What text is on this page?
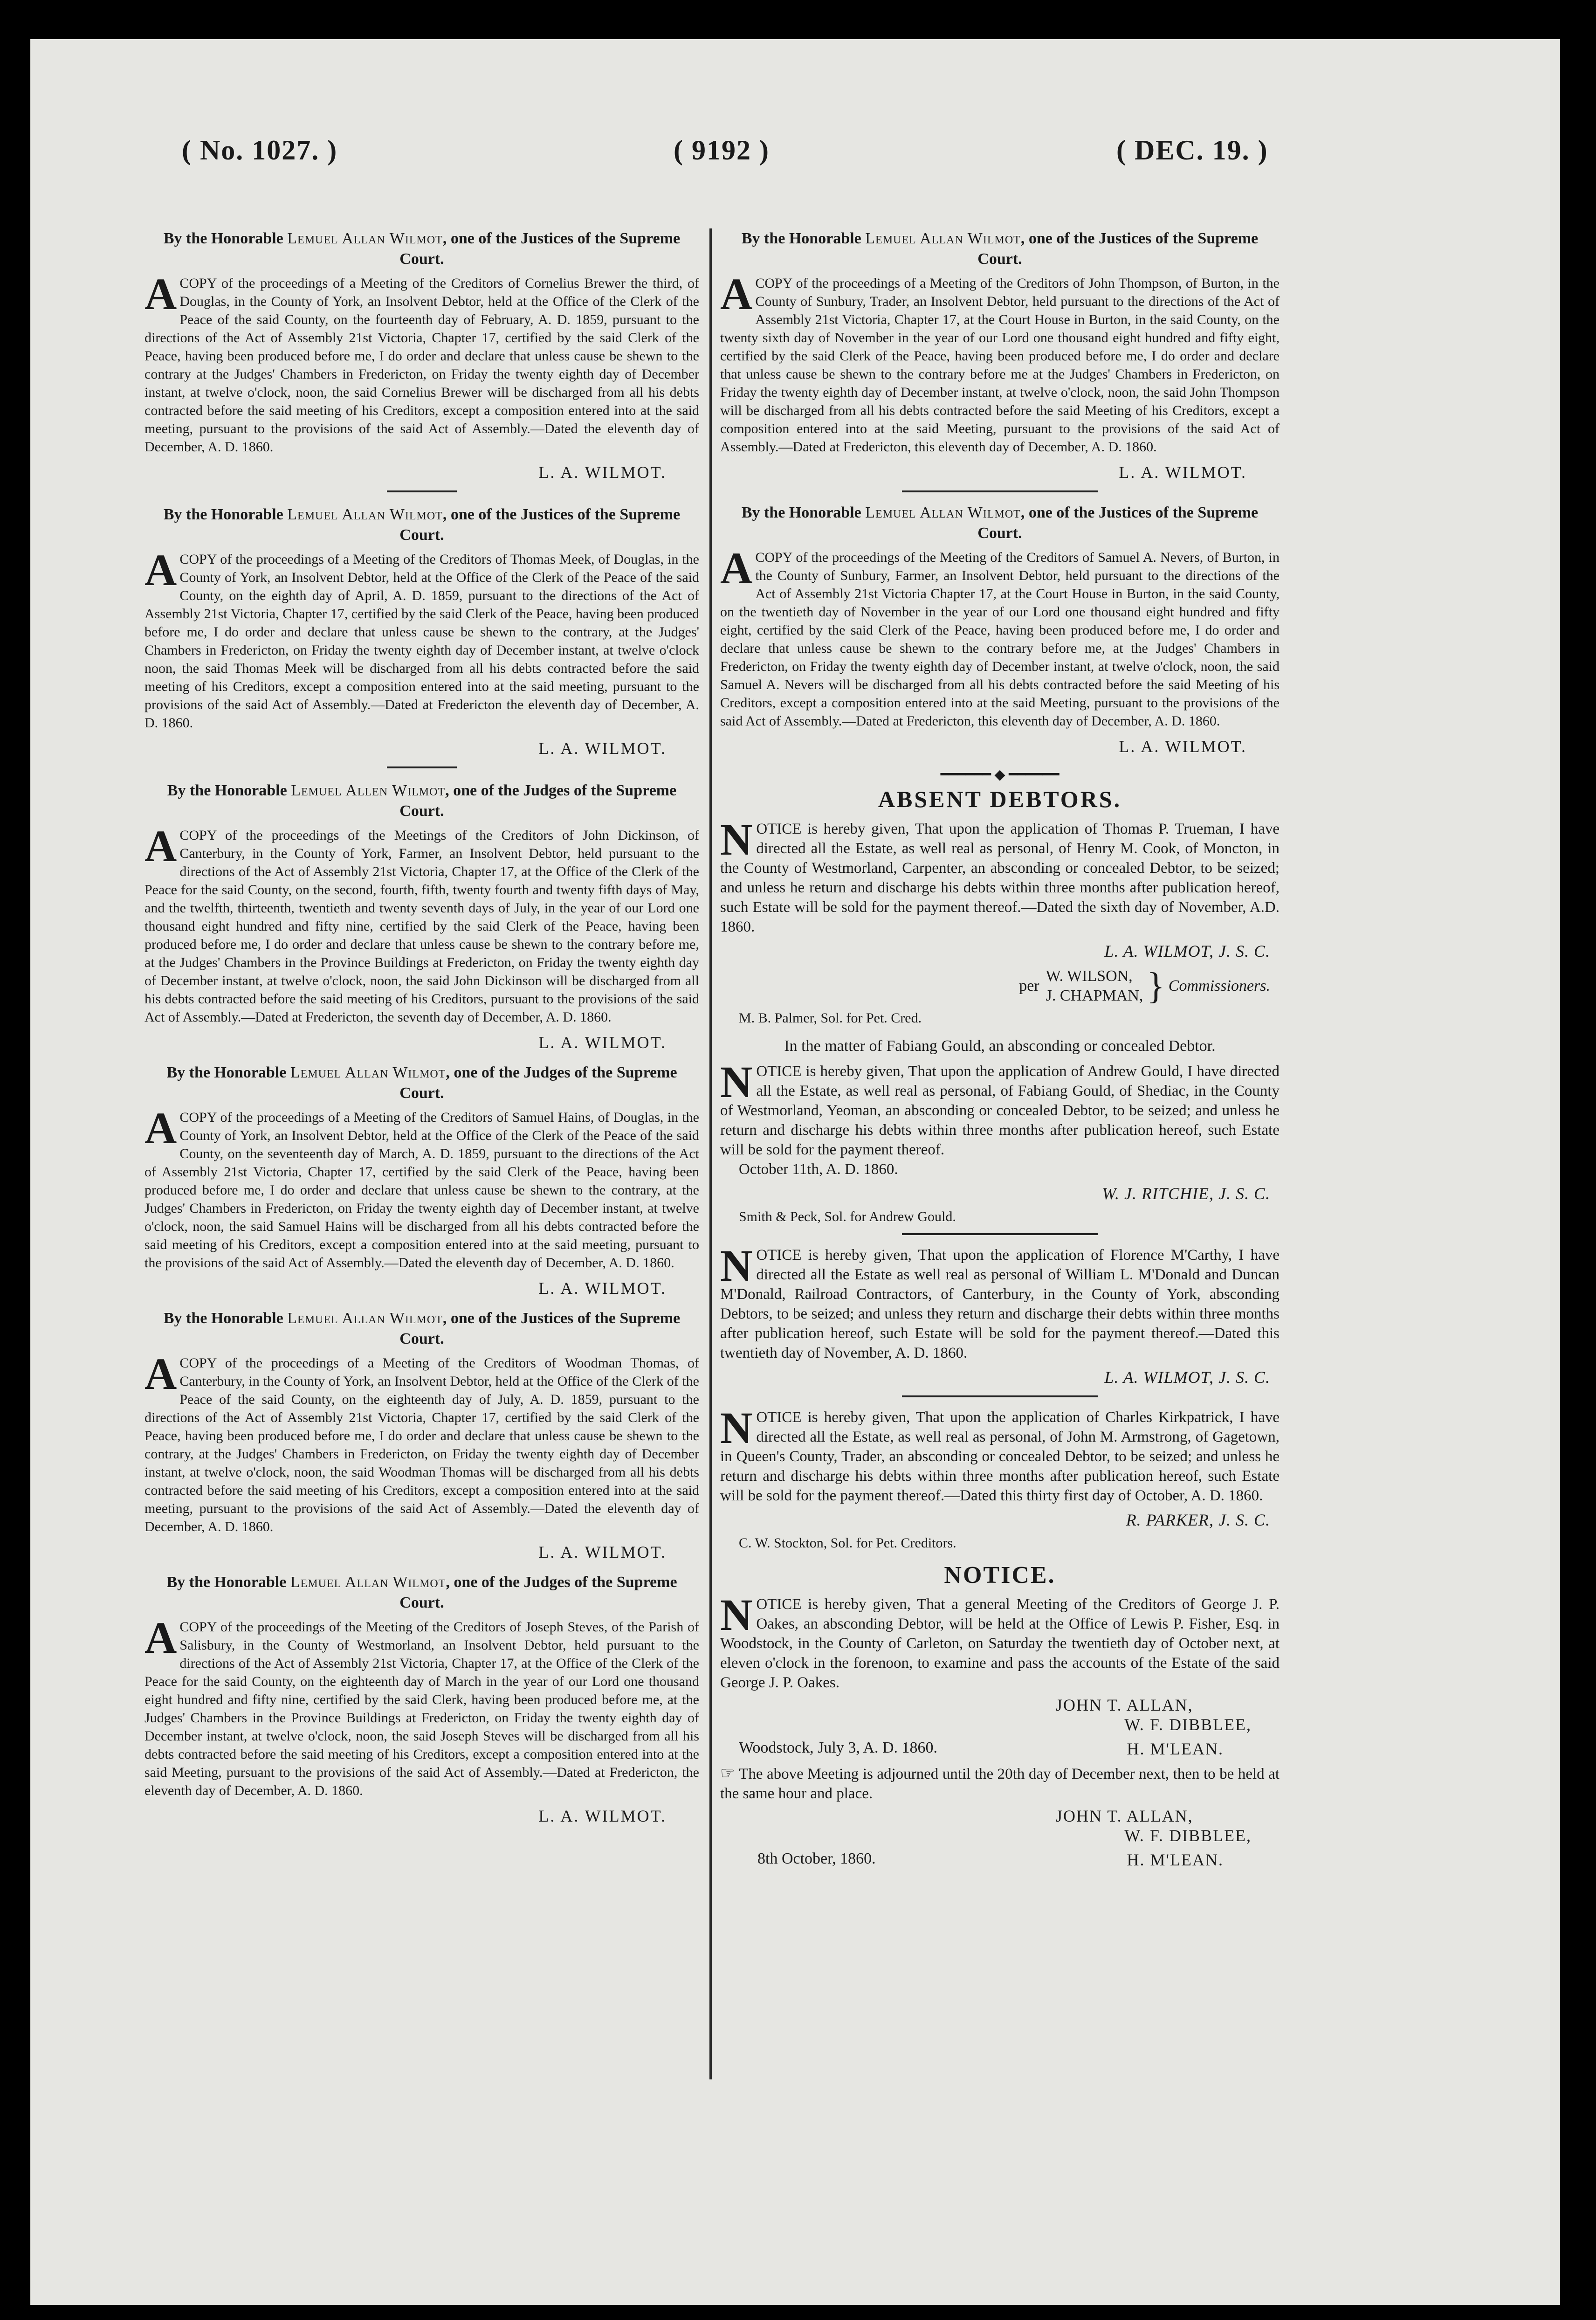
( No. 1027. )	( 9192 )	( DEC. 19. )
By the Honorable Lemuel Allan Wilmot, one of the Justices of the Supreme Court.
A COPY of the proceedings of a Meeting of the Creditors of Cornelius Brewer the third, of Douglas, in the County of York, an Insolvent Debtor, held at the Office of the Clerk of the Peace of the said County, on the fourteenth day of February, A. D. 1859, pursuant to the directions of the Act of Assembly 21st Victoria, Chapter 17, certified by the said Clerk of the Peace, having been produced before me, I do order and declare that unless cause be shewn to the contrary at the Judges' Chambers in Fredericton, on Friday the twenty eighth day of December instant, at twelve o'clock, noon, the said Cornelius Brewer will be discharged from all his debts contracted before the said meeting of his Creditors, except a composition entered into at the said meeting, pursuant to the provisions of the said Act of Assembly.—Dated the eleventh day of December, A. D. 1860.
L. A. WILMOT.
By the Honorable Lemuel Allan Wilmot, one of the Justices of the Supreme Court.
A COPY of the proceedings of a Meeting of the Creditors of Thomas Meek, of Douglas, in the County of York, an Insolvent Debtor, held at the Office of the Clerk of the Peace of the said County, on the eighth day of April, A. D. 1859, pursuant to the directions of the Act of Assembly 21st Victoria, Chapter 17, certified by the said Clerk of the Peace, having been produced before me, I do order and declare that unless cause be shewn to the contrary, at the Judges' Chambers in Fredericton, on Friday the twenty eighth day of December instant, at twelve o'clock noon, the said Thomas Meek will be discharged from all his debts contracted before the said meeting of his Creditors, except a composition entered into at the said meeting, pursuant to the provisions of the said Act of Assembly.—Dated at Fredericton the eleventh day of December, A. D. 1860.
L. A. WILMOT.
By the Honorable Lemuel Allen Wilmot, one of the Judges of the Supreme Court.
A COPY of the proceedings of the Meetings of the Creditors of John Dickinson, of Canterbury, in the County of York, Farmer, an Insolvent Debtor, held pursuant to the directions of the Act of Assembly 21st Victoria, Chapter 17, at the Office of the Clerk of the Peace for the said County, on the second, fourth, fifth, twenty fourth and twenty fifth days of May, and the twelfth, thirteenth, twentieth and twenty seventh days of July, in the year of our Lord one thousand eight hundred and fifty nine, certified by the said Clerk of the Peace, having been produced before me, I do order and declare that unless cause be shewn to the contrary before me, at the Judges' Chambers in the Province Buildings at Fredericton, on Friday the twenty eighth day of December instant, at twelve o'clock, noon, the said John Dickinson will be discharged from all his debts contracted before the said meeting of his Creditors, pursuant to the provisions of the said Act of Assembly.—Dated at Fredericton, the seventh day of December, A. D. 1860.
L. A. WILMOT.
By the Honorable Lemuel Allan Wilmot, one of the Judges of the Supreme Court.
A COPY of the proceedings of a Meeting of the Creditors of Samuel Hains, of Douglas, in the County of York, an Insolvent Debtor, held at the Office of the Clerk of the Peace of the said County, on the seventeenth day of March, A. D. 1859, pursuant to the directions of the Act of Assembly 21st Victoria, Chapter 17, certified by the said Clerk of the Peace, having been produced before me, I do order and declare that unless cause be shewn to the contrary, at the Judges' Chambers in Fredericton, on Friday the twenty eighth day of December instant, at twelve o'clock, noon, the said Samuel Hains will be discharged from all his debts contracted before the said meeting of his Creditors, except a composition entered into at the said meeting, pursuant to the provisions of the said Act of Assembly.—Dated the eleventh day of December, A. D. 1860.
L. A. WILMOT.
By the Honorable Lemuel Allan Wilmot, one of the Justices of the Supreme Court.
A COPY of the proceedings of a Meeting of the Creditors of Woodman Thomas, of Canterbury, in the County of York, an Insolvent Debtor, held at the Office of the Clerk of the Peace of the said County, on the eighteenth day of July, A. D. 1859, pursuant to the directions of the Act of Assembly 21st Victoria, Chapter 17, certified by the said Clerk of the Peace, having been produced before me, I do order and declare that unless cause be shewn to the contrary, at the Judges' Chambers in Fredericton, on Friday the twenty eighth day of December instant, at twelve o'clock, noon, the said Woodman Thomas will be discharged from all his debts contracted before the said meeting of his Creditors, except a composition entered into at the said meeting, pursuant to the provisions of the said Act of Assembly.—Dated the eleventh day of December, A. D. 1860.
L. A. WILMOT.
By the Honorable Lemuel Allan Wilmot, one of the Judges of the Supreme Court.
A COPY of the proceedings of the Meeting of the Creditors of Joseph Steves, of the Parish of Salisbury, in the County of Westmorland, an Insolvent Debtor, held pursuant to the directions of the Act of Assembly 21st Victoria, Chapter 17, at the Office of the Clerk of the Peace for the said County, on the eighteenth day of March in the year of our Lord one thousand eight hundred and fifty nine, certified by the said Clerk, having been produced before me, at the Judges' Chambers in the Province Buildings at Fredericton, on Friday the twenty eighth day of December instant, at twelve o'clock, noon, the said Joseph Steves will be discharged from all his debts contracted before the said meeting of his Creditors, except a composition entered into at the said Meeting, pursuant to the provisions of the said Act of Assembly.—Dated at Fredericton, the eleventh day of December, A. D. 1860.
L. A. WILMOT.
By the Honorable Lemuel Allan Wilmot, one of the Justices of the Supreme Court.
A COPY of the proceedings of a Meeting of the Creditors of John Thompson, of Burton, in the County of Sunbury, Trader, an Insolvent Debtor, held pursuant to the directions of the Act of Assembly 21st Victoria, Chapter 17, at the Court House in Burton, in the said County, on the twenty sixth day of November in the year of our Lord one thousand eight hundred and fifty eight, certified by the said Clerk of the Peace, having been produced before me, I do order and declare that unless cause be shewn to the contrary before me at the Judges' Chambers in Fredericton, on Friday the twenty eighth day of December instant, at twelve o'clock, noon, the said John Thompson will be discharged from all his debts contracted before the said Meeting of his Creditors, except a composition entered into at the said Meeting, pursuant to the provisions of the said Act of Assembly.—Dated at Fredericton, this eleventh day of December, A. D. 1860.
L. A. WILMOT.
By the Honorable Lemuel Allan Wilmot, one of the Justices of the Supreme Court.
A COPY of the proceedings of the Meeting of the Creditors of Samuel A. Nevers, of Burton, in the County of Sunbury, Farmer, an Insolvent Debtor, held pursuant to the directions of the Act of Assembly 21st Victoria Chapter 17, at the Court House in Burton, in the said County, on the twentieth day of November in the year of our Lord one thousand eight hundred and fifty eight, certified by the said Clerk of the Peace, having been produced before me, I do order and declare that unless cause be shewn to the contrary before me, at the Judges' Chambers in Fredericton, on Friday the twenty eighth day of December instant, at twelve o'clock, noon, the said Samuel A. Nevers will be discharged from all his debts contracted before the said Meeting of his Creditors, except a composition entered into at the said Meeting, pursuant to the provisions of the said Act of Assembly.—Dated at Fredericton, this eleventh day of December, A. D. 1860.
L. A. WILMOT.
━━━━━━ ◆ ━━━━━━
ABSENT DEBTORS.
NOTICE is hereby given, That upon the application of Thomas P. Trueman, I have directed all the Estate, as well real as personal, of Henry M. Cook, of Moncton, in the County of Westmorland, Carpenter, an absconding or concealed Debtor, to be seized; and unless he return and discharge his debts within three months after publication hereof, such Estate will be sold for the payment thereof.—Dated the sixth day of November, A.D. 1860.
L. A. WILMOT, J. S. C.
per
W. WILSON,
J. CHAPMAN, } Commissioners.
M. B. Palmer, Sol. for Pet. Cred.
In the matter of Fabiang Gould, an absconding or concealed Debtor.
NOTICE is hereby given, That upon the application of Andrew Gould, I have directed all the Estate, as well real as personal, of Fabiang Gould, of Shediac, in the County of Westmorland, Yeoman, an absconding or concealed Debtor, to be seized; and unless he return and discharge his debts within three months after publication hereof, such Estate will be sold for the payment thereof.
October 11th, A. D. 1860.
W. J. RITCHIE, J. S. C.
Smith & Peck, Sol. for Andrew Gould.
NOTICE is hereby given, That upon the application of Florence M'Carthy, I have directed all the Estate as well real as personal of William L. M'Donald and Duncan M'Donald, Railroad Contractors, of Canterbury, in the County of York, absconding Debtors, to be seized; and unless they return and discharge their debts within three months after publication hereof, such Estate will be sold for the payment thereof.—Dated this twentieth day of November, A. D. 1860.
L. A. WILMOT, J. S. C.
NOTICE is hereby given, That upon the application of Charles Kirkpatrick, I have directed all the Estate, as well real as personal, of John M. Armstrong, of Gagetown, in Queen's County, Trader, an absconding or concealed Debtor, to be seized; and unless he return and discharge his debts within three months after publication hereof, such Estate will be sold for the payment thereof.—Dated this thirty first day of October, A. D. 1860.
R. PARKER, J. S. C.
C. W. Stockton, Sol. for Pet. Creditors.
NOTICE.
NOTICE is hereby given, That a general Meeting of the Creditors of George J. P. Oakes, an absconding Debtor, will be held at the Office of Lewis P. Fisher, Esq. in Woodstock, in the County of Carleton, on Saturday the twentieth day of October next, at eleven o'clock in the forenoon, to examine and pass the accounts of the Estate of the said George J. P. Oakes.
JOHN T. ALLAN,
W. F. DIBBLEE,
Woodstock, July 3, A. D. 1860.	H. M'LEAN.
☞ The above Meeting is adjourned until the 20th day of December next, then to be held at the same hour and place.
JOHN T. ALLAN,
W. F. DIBBLEE,
8th October, 1860.	H. M'LEAN.
